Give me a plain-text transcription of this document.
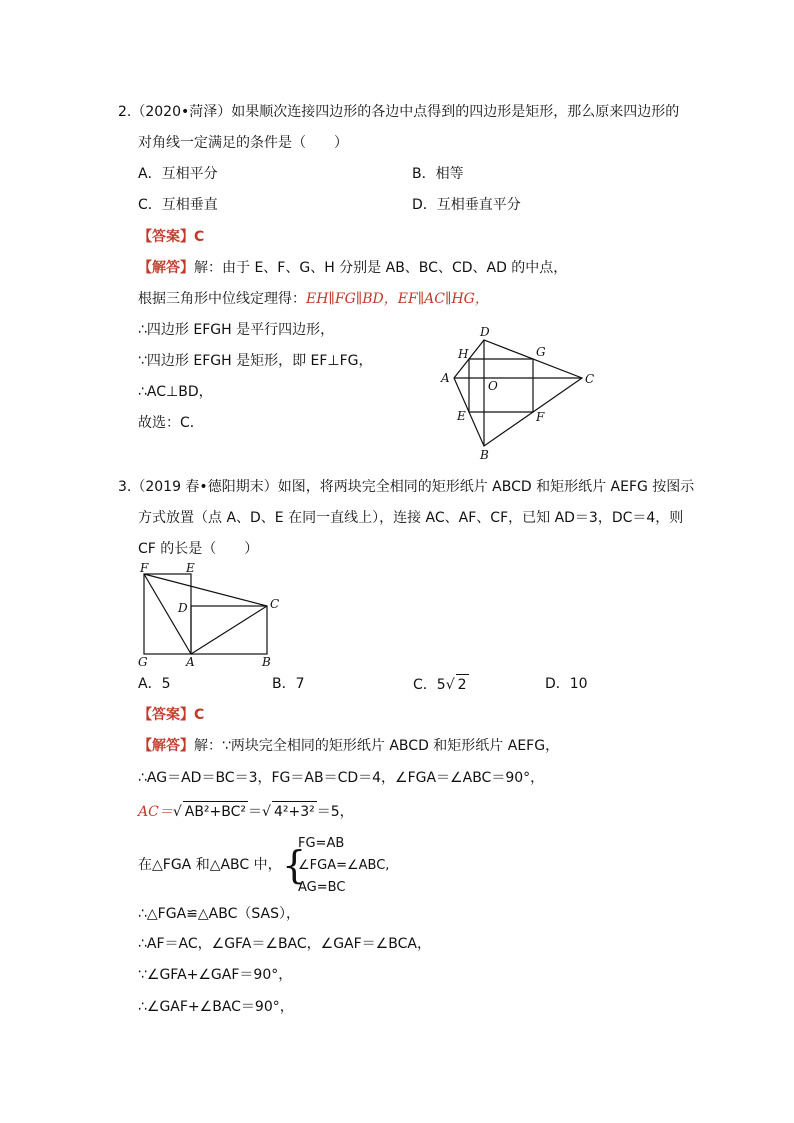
2.（2020•菏泽）如果顺次连接四边形的各边中点得到的四边形是矩形，那么原来四边形的
对角线一定满足的条件是（　　）
A．互相平分	B．相等
C．互相垂直	D．互相垂直平分
【答案】C
【解答】解：由于 E、F、G、H 分别是 AB、BC、CD、AD 的中点，
根据三角形中位线定理得：EH∥FG∥BD，EF∥AC∥HG，
∴四边形 EFGH 是平行四边形，
∵四边形 EFGH 是矩形，即 EF⊥FG，
∴AC⊥BD，
故选：C．
D
H	G
A
O	C
E	F
B
3.（2019 春•德阳期末）如图，将两块完全相同的矩形纸片 ABCD 和矩形纸片 AEFG 按图示
方式放置（点 A、D、E 在同一直线上），连接 AC、AF、CF，已知 AD＝3，DC＝4，则
CF 的长是（　　）
F	E
D	C
G	A	B
A．5	B．7	C．5√ 2	D．10
【答案】C
【解答】解：∵两块完全相同的矩形纸片 ABCD 和矩形纸片 AEFG，
∴AG＝AD＝BC＝3，FG＝AB＝CD＝4，∠FGA＝∠ABC＝90°，
AC＝√ AB²+BC² ＝√ 4²+3² ＝5，
在△FGA 和△ABC 中， {
FG=AB
∠FGA=∠ABC,
AG=BC
∴△FGA≌△ABC（SAS），
∴AF＝AC，∠GFA＝∠BAC，∠GAF＝∠BCA，
∵∠GFA+∠GAF＝90°，
∴∠GAF+∠BAC＝90°，
